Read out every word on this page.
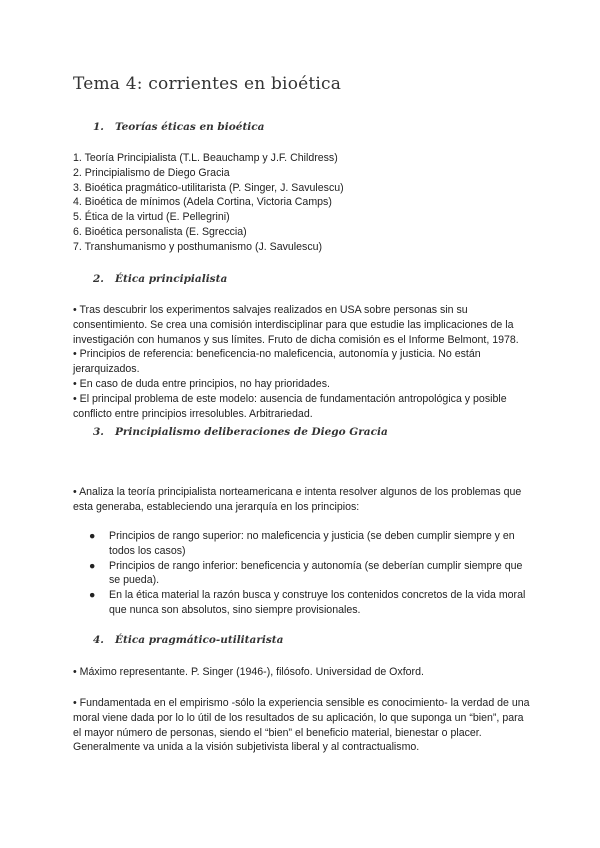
Tema 4: corrientes en bioética
1. Teorías éticas en bioética
1. Teoría Principialista (T.L. Beauchamp y J.F. Childress)
2. Principialismo de Diego Gracia
3. Bioética pragmático-utilitarista (P. Singer, J. Savulescu)
4. Bioética de mínimos (Adela Cortina, Victoria Camps)
5. Ética de la virtud (E. Pellegrini)
6. Bioética personalista (E. Sgreccia)
7. Transhumanismo y posthumanismo (J. Savulescu)
2. Ética principialista

• Tras descubrir los experimentos salvajes realizados en USA sobre personas sin su consentimiento. Se crea una comisión interdisciplinar para que estudie las implicaciones de la investigación con humanos y sus límites. Fruto de dicha comisión es el Informe Belmont, 1978.

• Principios de referencia: beneficencia-no maleficencia, autonomía y justicia. No están jerarquizados.

• En caso de duda entre principios, no hay prioridades.

• El principal problema de este modelo: ausencia de fundamentación antropológica y posible conflicto entre principios irresolubles. Arbitrariedad.

3. Principialismo deliberaciones de Diego Gracia

• Analiza la teoría principialista norteamericana e intenta resolver algunos de los problemas que esta generaba, estableciendo una jerarquía en los principios:

●	Principios de rango superior: no maleficencia y justicia (se deben cumplir siempre y en todos los casos)
●	Principios de rango inferior: beneficencia y autonomía (se deberían cumplir siempre que se pueda).
●	En la ética material la razón busca y construye los contenidos concretos de la vida moral que nunca son absolutos, sino siempre provisionales.
4. Ética pragmático-utilitarista

• Máximo representante. P. Singer (1946-), filósofo. Universidad de Oxford.

• Fundamentada en el empirismo -sólo la experiencia sensible es conocimiento- la verdad de una moral viene dada por lo lo útil de los resultados de su aplicación, lo que suponga un “bien”, para el mayor número de personas, siendo el “bien” el beneficio material, bienestar o placer. Generalmente va unida a la visión subjetivista liberal y al contractualismo.
